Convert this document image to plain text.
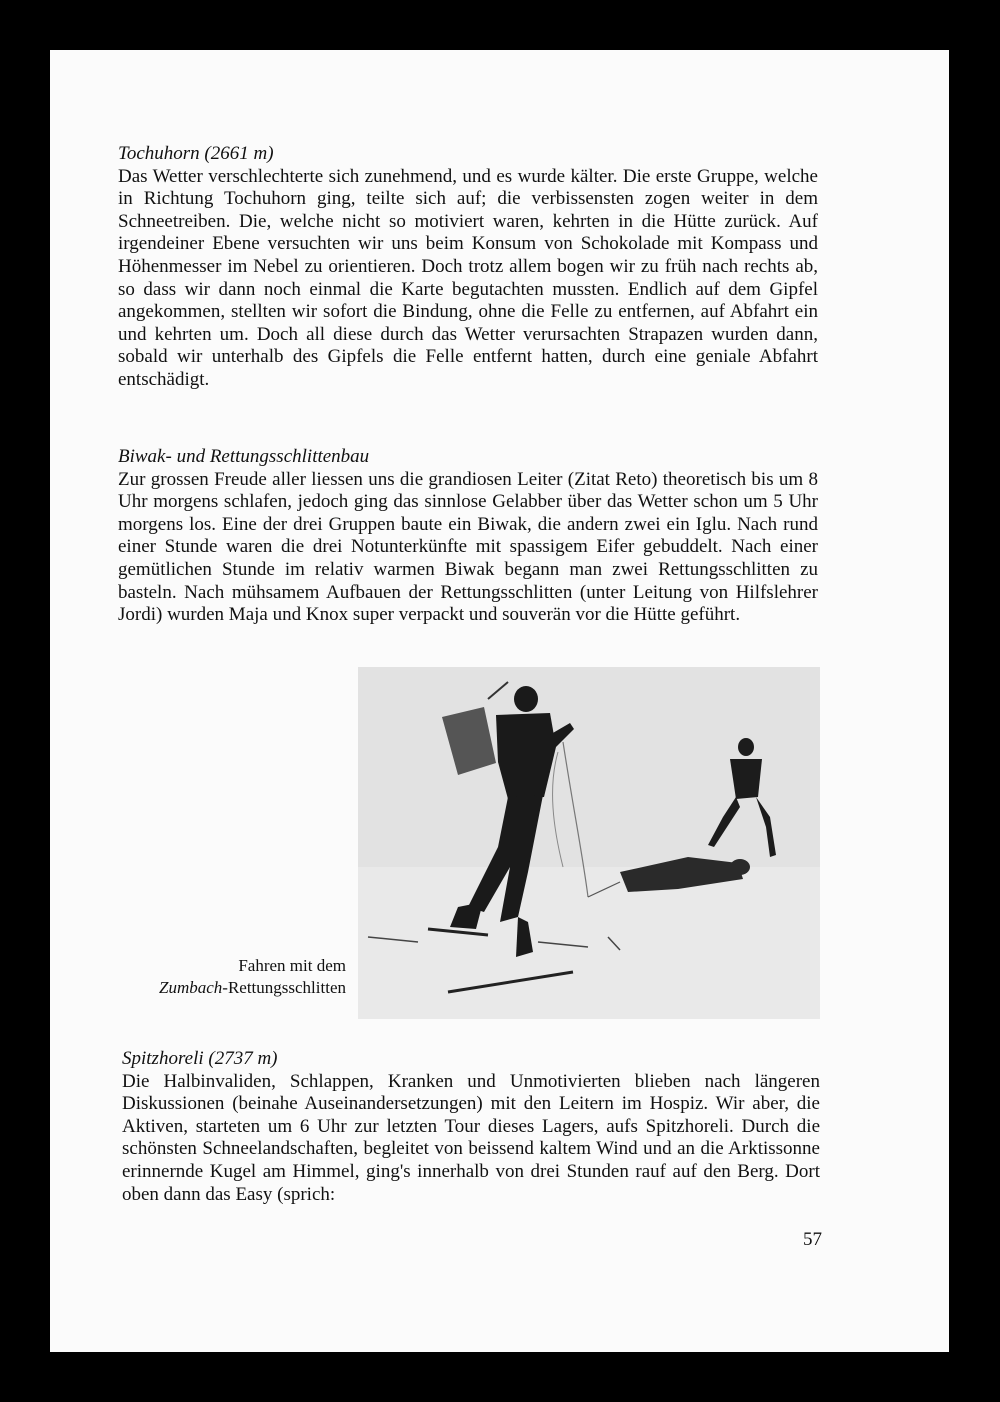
Tochuhorn (2661 m)

Das Wetter verschlechterte sich zunehmend, und es wurde kälter. Die erste Gruppe, welche in Richtung Tochuhorn ging, teilte sich auf; die verbissensten zogen weiter in dem Schneetreiben. Die, welche nicht so motiviert waren, kehrten in die Hütte zurück. Auf irgendeiner Ebene versuchten wir uns beim Konsum von Schokolade mit Kompass und Höhenmesser im Nebel zu orientieren. Doch trotz allem bogen wir zu früh nach rechts ab, so dass wir dann noch einmal die Karte begutachten mussten. Endlich auf dem Gipfel angekommen, stellten wir sofort die Bindung, ohne die Felle zu entfernen, auf Abfahrt ein und kehrten um. Doch all diese durch das Wetter verursachten Strapazen wurden dann, sobald wir unterhalb des Gipfels die Felle entfernt hatten, durch eine geniale Abfahrt entschädigt.

Biwak- und Rettungsschlittenbau

Zur grossen Freude aller liessen uns die grandiosen Leiter (Zitat Reto) theoretisch bis um 8 Uhr morgens schlafen, jedoch ging das sinnlose Gelabber über das Wetter schon um 5 Uhr morgens los. Eine der drei Gruppen baute ein Biwak, die andern zwei ein Iglu. Nach rund einer Stunde waren die drei Notunterkünfte mit spassigem Eifer gebuddelt. Nach einer gemütlichen Stunde im relativ warmen Biwak begann man zwei Rettungsschlitten zu basteln. Nach mühsamem Aufbauen der Rettungsschlitten (unter Leitung von Hilfslehrer Jordi) wurden Maja und Knox super verpackt und souverän vor die Hütte geführt.

Fahren mit dem
Zumbach-Rettungsschlitten
Spitzhoreli (2737 m)

Die Halbinvaliden, Schlappen, Kranken und Unmotivierten blieben nach längeren Diskussionen (beinahe Auseinandersetzungen) mit den Leitern im Hospiz. Wir aber, die Aktiven, starteten um 6 Uhr zur letzten Tour dieses Lagers, aufs Spitzhoreli. Durch die schönsten Schneelandschaften, begleitet von beissend kaltem Wind und an die Arktissonne erinnernde Kugel am Himmel, ging's innerhalb von drei Stunden rauf auf den Berg. Dort oben dann das Easy (sprich:

57
